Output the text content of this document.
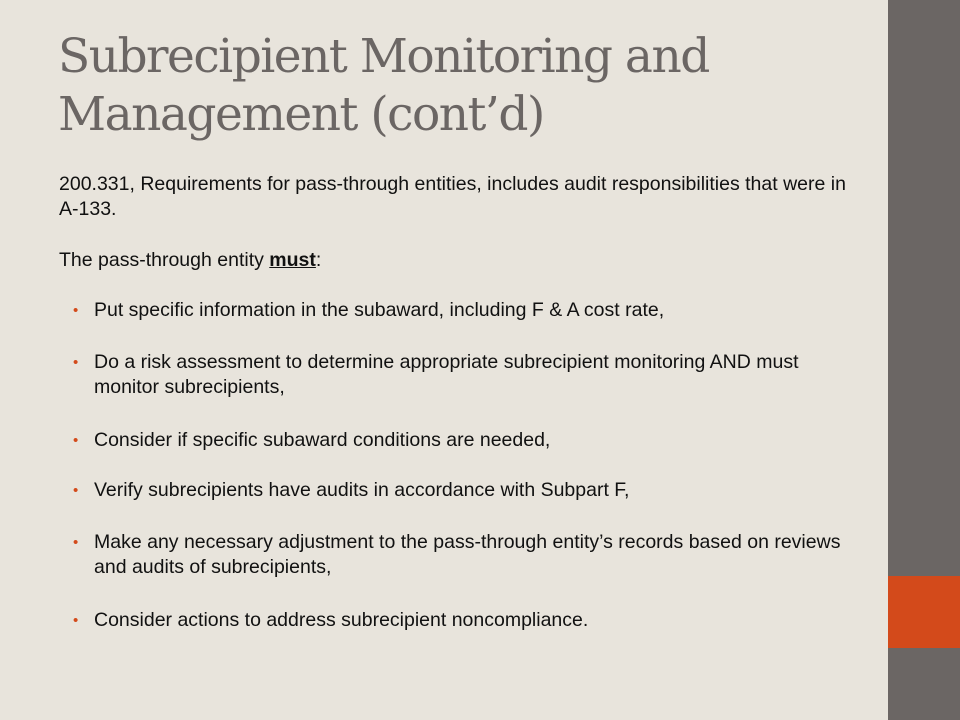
Subrecipient Monitoring and Management (cont’d)

200.331, Requirements for pass-through entities, includes audit responsibilities that were in A-133.

The pass-through entity must:

• Put specific information in the subaward, including F & A cost rate,
• Do a risk assessment to determine appropriate subrecipient monitoring AND must monitor subrecipients,
• Consider if specific subaward conditions are needed,
• Verify subrecipients have audits in accordance with Subpart F,
• Make any necessary adjustment to the pass-through entity’s records based on reviews and audits of subrecipients,
• Consider actions to address subrecipient noncompliance.
